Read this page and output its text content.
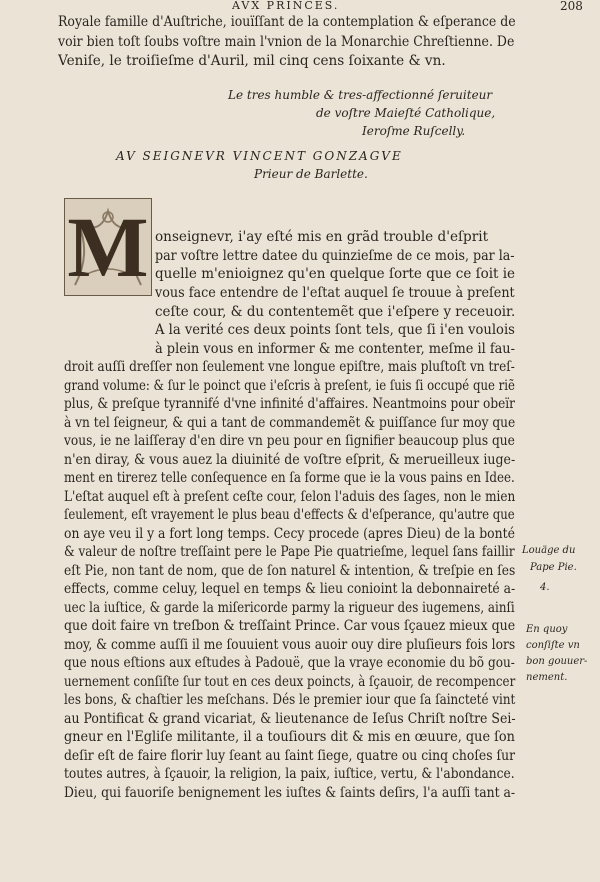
AVX PRINCES.	208
Royale famille d'Auſtriche, iouïſſant de la contemplation & eſperance de
voir bien toſt ſoubs voſtre main l'vnion de la Monarchie Chreſtienne. De
Veniſe, le troiſieſme d'Auril, mil cinq cens ſoixante & vn.
Le tres humble & tres-affectionné ſeruiteur
de voſtre Maieſté Catholique,
Ieroſme Ruſcelly.
AV SEIGNEVR VINCENT GONZAGVE
Prieur de Barlette.
M onseignevr, i'ay eſté mis en grãd trouble d'eſprit
par voſtre lettre datee du quinzieſme de ce mois, par la-
quelle m'enioignez qu'en quelque ſorte que ce ſoit ie
vous face entendre de l'eſtat auquel ſe trouue à preſent
ceſte cour, & du contentemẽt que i'eſpere y receuoir.
A la verité ces deux points ſont tels, que ſi i'en voulois
à plein vous en informer & me contenter, meſme il fau-
droit auſſi dreſſer non ſeulement vne longue epiſtre, mais pluſtoſt vn treſ-
grand volume: & ſur le poinct que i'eſcris à preſent, ie ſuis ſi occupé que riẽ
plus, & preſque tyrannifé d'vne infinité d'affaires. Neantmoins pour obeïr
à vn tel ſeigneur, & qui a tant de commandemẽt & puiſſance ſur moy que
vous, ie ne laiſſeray d'en dire vn peu pour en ſignifier beaucoup plus que
n'en diray, & vous auez la diuinité de voſtre eſprit, & merueilleux iuge-
ment en tirerez telle conſequence en ſa forme que ie la vous pains en Idee.
L'eſtat auquel eſt à preſent ceſte cour, ſelon l'aduis des ſages, non le mien
ſeulement, eſt vrayement le plus beau d'effects & d'eſperance, qu'autre que
on aye veu il y a fort long temps. Cecy procede (apres Dieu) de la bonté
& valeur de noſtre treſſaint pere le Pape Pie quatrieſme, lequel ſans faillir
eſt Pie, non tant de nom, que de ſon naturel & intention, & treſpie en ſes
effects, comme celuy, lequel en temps & lieu conioint la debonnaireté a-
uec la iuſtice, & garde la miſericorde parmy la rigueur des iugemens, ainſi
que doit faire vn treſbon & treſſaint Prince. Car vous ſçauez mieux que
moy, & comme auſſi il me ſouuient vous auoir ouy dire pluſieurs fois lors
que nous eſtions aux eſtudes à Padouë, que la vraye economie du bõ gou-
uernement conſiſte ſur tout en ces deux poincts, à ſçauoir, de recompencer
les bons, & chaſtier les meſchans. Dés le premier iour que ſa ſaincteté vint
au Pontificat & grand vicariat, & lieutenance de Ieſus Chriſt noſtre Sei-
gneur en l'Egliſe militante, il a touſiours dit & mis en œuure, que ſon
deſir eſt de faire florir luy ſeant au ſaint ſiege, quatre ou cinq choſes ſur
toutes autres, à ſçauoir, la religion, la paix, iuſtice, vertu, & l'abondance.
Dieu, qui fauoriſe benignement les iuſtes & ſaints deſirs, l'a auſſi tant a-
Louäge du
Pape Pie.
4.
En quoy
conſiſte vn
bon gouuer-
nement.
